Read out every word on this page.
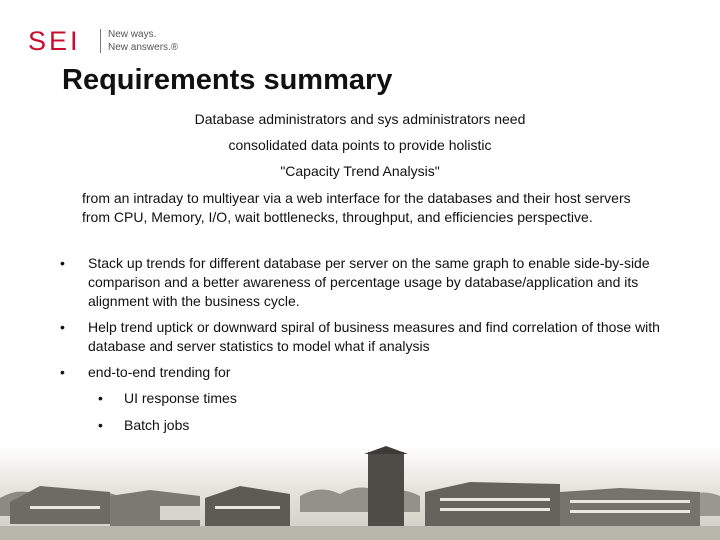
SEI	New ways.
New answers.®
Requirements summary
Database administrators and sys administrators need
consolidated data points to provide holistic
"Capacity Trend Analysis"
from an intraday to multiyear via a web interface for the databases and their host servers from CPU, Memory, I/O, wait bottlenecks, throughput, and efficiencies perspective.
• Stack up trends for different database per server on the same graph to enable side-by-side comparison and a better awareness of percentage usage by database/application and its alignment with the business cycle.
• Help trend uptick or downward spiral of business measures and find correlation of those with database and server statistics to model what if analysis
• end-to-end trending for
• UI response times
• Batch jobs
